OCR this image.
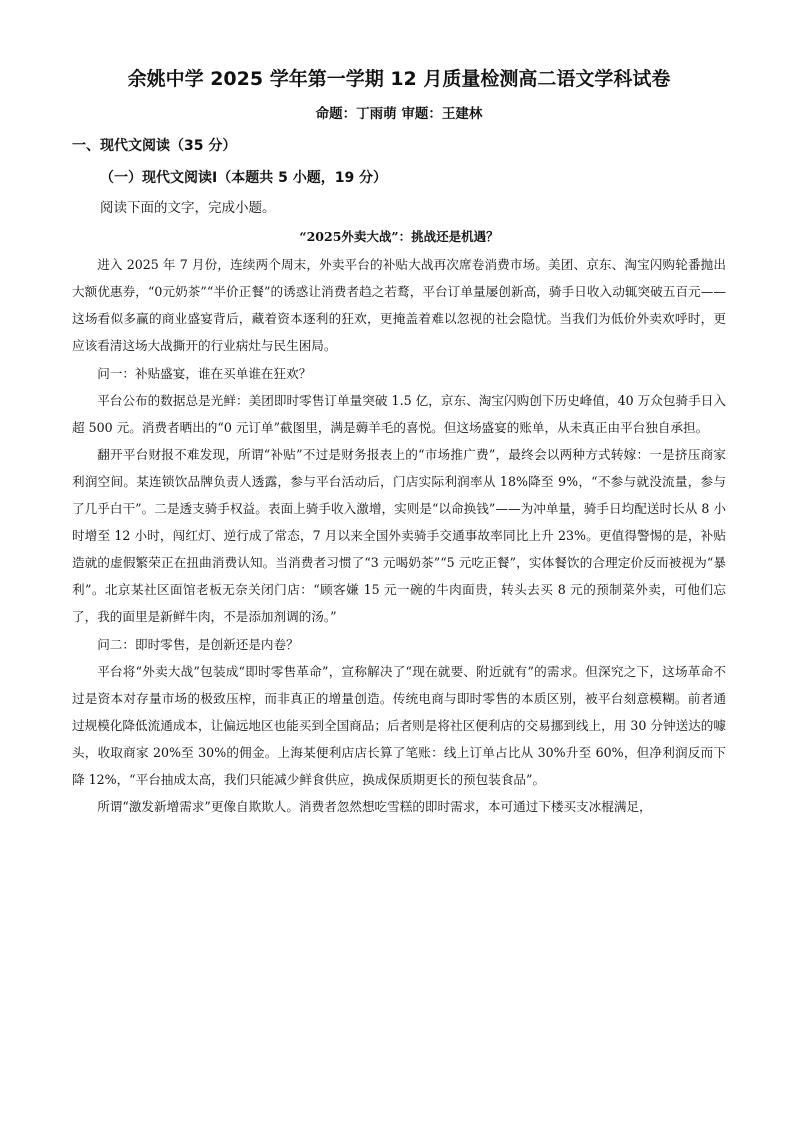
余姚中学 2025 学年第一学期 12 月质量检测高二语文学科试卷
命题：丁雨萌 审题：王建林
一、现代文阅读（35 分）
（一）现代文阅读Ⅰ（本题共 5 小题，19 分）
阅读下面的文字，完成小题。
“2025外卖大战”：挑战还是机遇？

进入 2025 年 7 月份，连续两个周末，外卖平台的补贴大战再次席卷消费市场。美团、京东、淘宝闪购轮番抛出大额优惠券，“0元奶茶”“半价正餐”的诱惑让消费者趋之若鹜，平台订单量屡创新高，骑手日收入动辄突破五百元——这场看似多赢的商业盛宴背后，藏着资本逐利的狂欢，更掩盖着难以忽视的社会隐忧。当我们为低价外卖欢呼时，更应该看清这场大战撕开的行业病灶与民生困局。

问一：补贴盛宴，谁在买单谁在狂欢？

平台公布的数据总是光鲜：美团即时零售订单量突破 1.5 亿，京东、淘宝闪购创下历史峰值，40 万众包骑手日入超 500 元。消费者晒出的“0 元订单”截图里，满是薅羊毛的喜悦。但这场盛宴的账单，从未真正由平台独自承担。

翻开平台财报不难发现，所谓“补贴”不过是财务报表上的“市场推广费”，最终会以两种方式转嫁：一是挤压商家利润空间。某连锁饮品牌负责人透露，参与平台活动后，门店实际利润率从 18%降至 9%，“不参与就没流量，参与了几乎白干”。二是透支骑手权益。表面上骑手收入激增，实则是“以命换钱”——为冲单量，骑手日均配送时长从 8 小时增至 12 小时，闯红灯、逆行成了常态，7 月以来全国外卖骑手交通事故率同比上升 23%。更值得警惕的是，补贴造就的虚假繁荣正在扭曲消费认知。当消费者习惯了“3 元喝奶茶”“5 元吃正餐”，实体餐饮的合理定价反而被视为“暴利”。北京某社区面馆老板无奈关闭门店：“顾客嫌 15 元一碗的牛肉面贵，转头去买 8 元的预制菜外卖，可他们忘了，我的面里是新鲜牛肉，不是添加剂调的汤。”

问二：即时零售，是创新还是内卷？

平台将“外卖大战”包装成“即时零售革命”，宣称解决了“现在就要、附近就有”的需求。但深究之下，这场革命不过是资本对存量市场的极致压榨，而非真正的增量创造。传统电商与即时零售的本质区别，被平台刻意模糊。前者通过规模化降低流通成本，让偏远地区也能买到全国商品；后者则是将社区便利店的交易挪到线上，用 30 分钟送达的噱头，收取商家 20%至 30%的佣金。上海某便利店店长算了笔账：线上订单占比从 30%升至 60%，但净利润反而下降 12%，“平台抽成太高，我们只能减少鲜食供应，换成保质期更长的预包装食品”。

所谓“激发新增需求”更像自欺欺人。消费者忽然想吃雪糕的即时需求，本可通过下楼买支冰棍满足，
